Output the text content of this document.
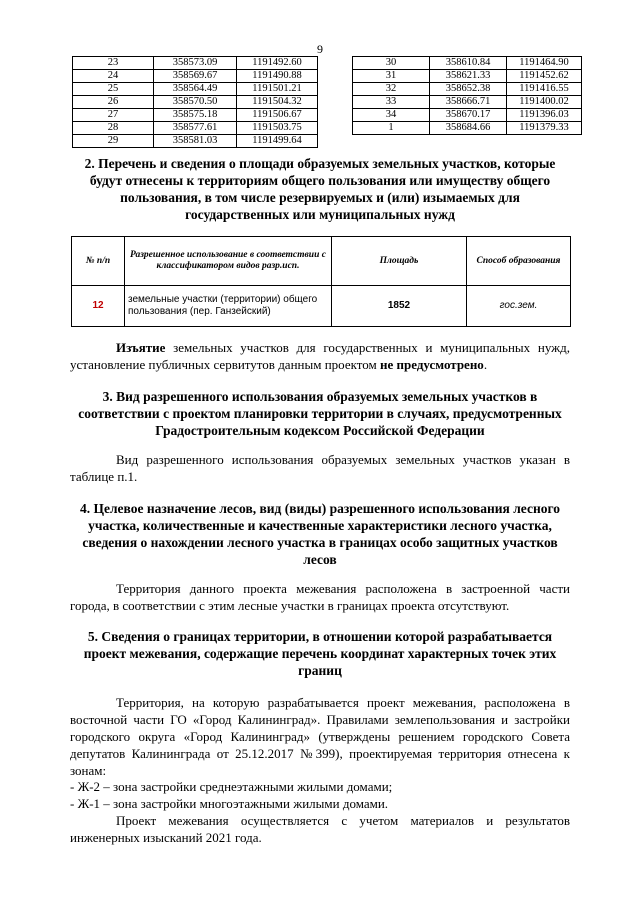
9
23	358573.09	1191492.60
24	358569.67	1191490.88
25	358564.49	1191501.21
26	358570.50	1191504.32
27	358575.18	1191506.67
28	358577.61	1191503.75
29	358581.03	1191499.64
30	358610.84	1191464.90
31	358621.33	1191452.62
32	358652.38	1191416.55
33	358666.71	1191400.02
34	358670.17	1191396.03
1	358684.66	1191379.33
2. Перечень и сведения о площади образуемых земельных участков, которые будут отнесены к территориям общего пользования или имуществу общего пользования, в том числе резервируемых и (или) изымаемых для государственных или муниципальных нужд
№ п/п	Разрешенное использование в соответствии с классификатором видов разр.исп.	Площадь	Способ образования
12	земельные участки (территории) общего пользования (пер. Ганзейский)	1852	гос.зем.
Изъятие земельных участков для государственных и муниципальных нужд, установление публичных сервитутов данным проектом не предусмотрено.
3. Вид разрешенного использования образуемых земельных участков в соответствии с проектом планировки территории в случаях, предусмотренных Градостроительным кодексом Российской Федерации
Вид разрешенного использования образуемых земельных участков указан в таблице п.1.
4. Целевое назначение лесов, вид (виды) разрешенного использования лесного участка, количественные и качественные характеристики лесного участка, сведения о нахождении лесного участка в границах особо защитных участков лесов
Территория данного проекта межевания расположена в застроенной части города, в соответствии с этим лесные участки в границах проекта отсутствуют.
5. Сведения о границах территории, в отношении которой разрабатывается проект межевания, содержащие перечень координат характерных точек этих границ
Территория, на которую разрабатывается проект межевания, расположена в восточной части ГО «Город Калининград». Правилами землепользования и застройки городского округа «Город Калининград» (утверждены решением городского Совета депутатов Калининграда от 25.12.2017 №399), проектируемая территория отнесена к зонам:
- Ж-2 – зона застройки среднеэтажными жилыми домами;
- Ж-1 – зона застройки многоэтажными жилыми домами.
Проект межевания осуществляется с учетом материалов и результатов инженерных изысканий 2021 года.
